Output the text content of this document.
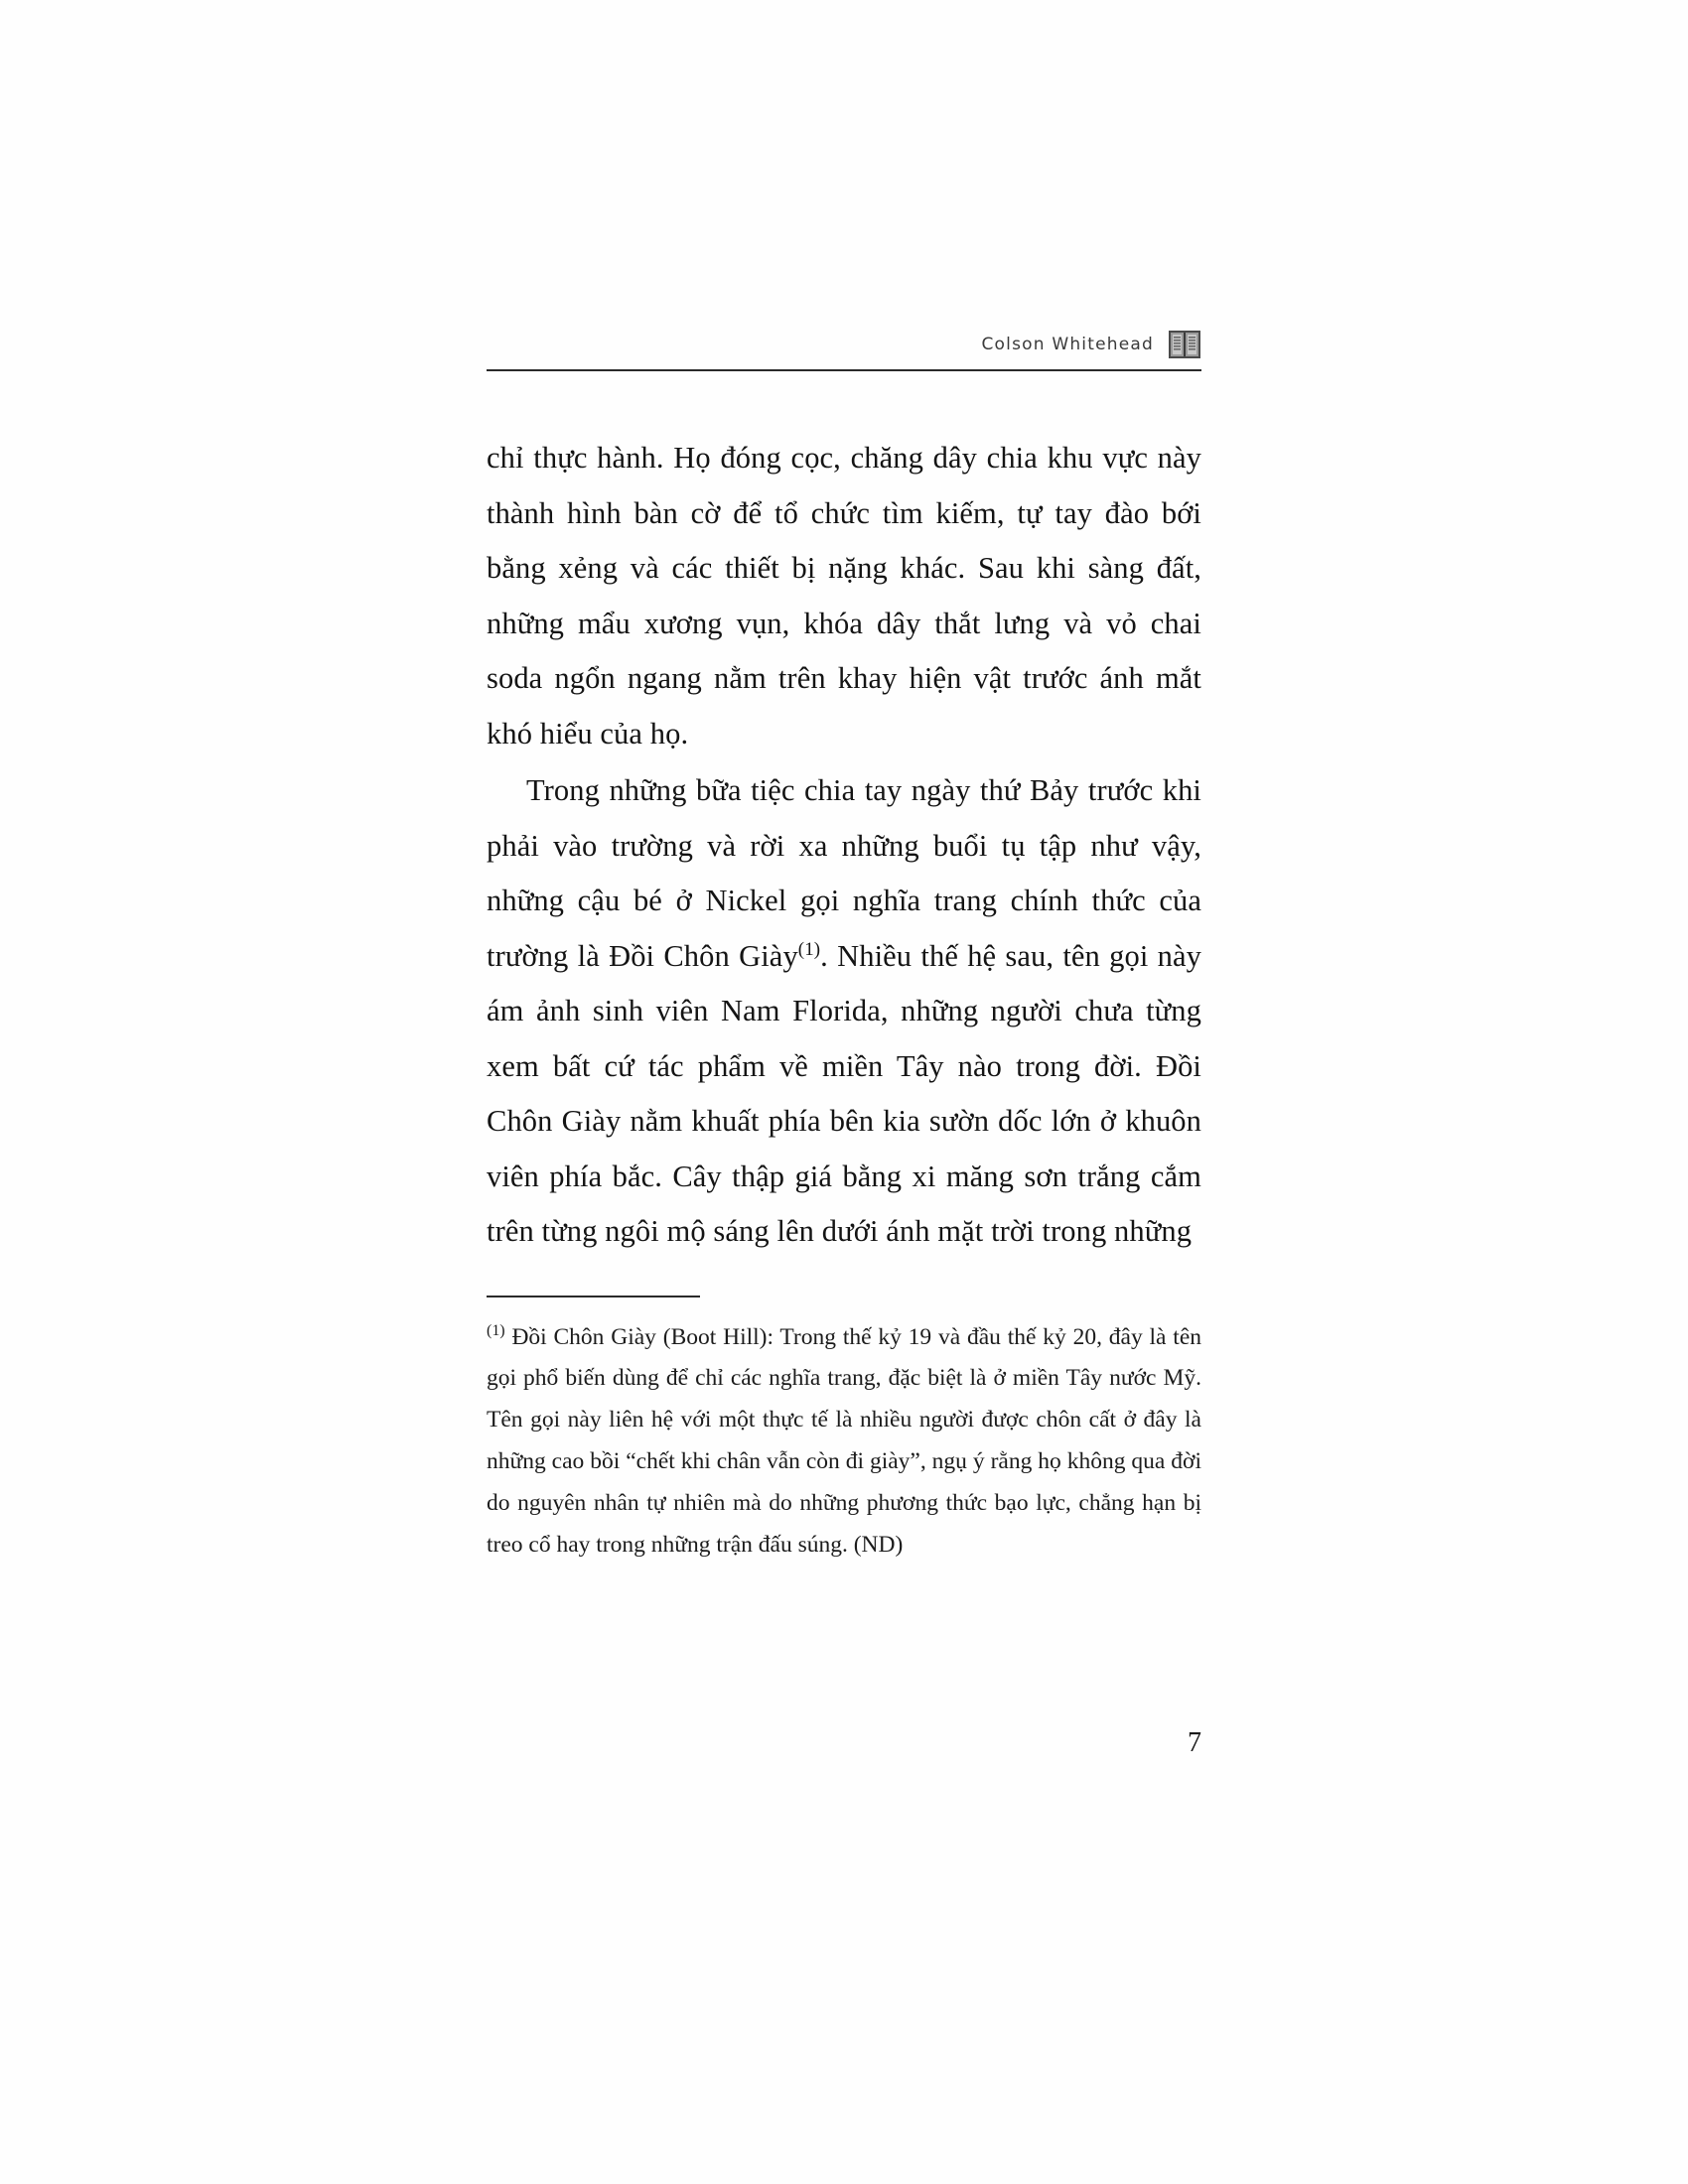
Colson Whitehead

chỉ thực hành. Họ đóng cọc, chăng dây chia khu vực này thành hình bàn cờ để tổ chức tìm kiếm, tự tay đào bới bằng xẻng và các thiết bị nặng khác. Sau khi sàng đất, những mẩu xương vụn, khóa dây thắt lưng và vỏ chai soda ngổn ngang nằm trên khay hiện vật trước ánh mắt khó hiểu của họ.

Trong những bữa tiệc chia tay ngày thứ Bảy trước khi phải vào trường và rời xa những buổi tụ tập như vậy, những cậu bé ở Nickel gọi nghĩa trang chính thức của trường là Đồi Chôn Giày$^{(1)}$. Nhiều thế hệ sau, tên gọi này ám ảnh sinh viên Nam Florida, những người chưa từng xem bất cứ tác phẩm về miền Tây nào trong đời. Đồi Chôn Giày nằm khuất phía bên kia sườn dốc lớn ở khuôn viên phía bắc. Cây thập giá bằng xi măng sơn trắng cắm trên từng ngôi mộ sáng lên dưới ánh mặt trời trong những

$^{(1)}$ Đồi Chôn Giày (Boot Hill): Trong thế kỷ 19 và đầu thế kỷ 20, đây là tên gọi phổ biến dùng để chỉ các nghĩa trang, đặc biệt là ở miền Tây nước Mỹ. Tên gọi này liên hệ với một thực tế là nhiều người được chôn cất ở đây là những cao bồi “chết khi chân vẫn còn đi giày”, ngụ ý rằng họ không qua đời do nguyên nhân tự nhiên mà do những phương thức bạo lực, chẳng hạn bị treo cổ hay trong những trận đấu súng. (ND)

7
